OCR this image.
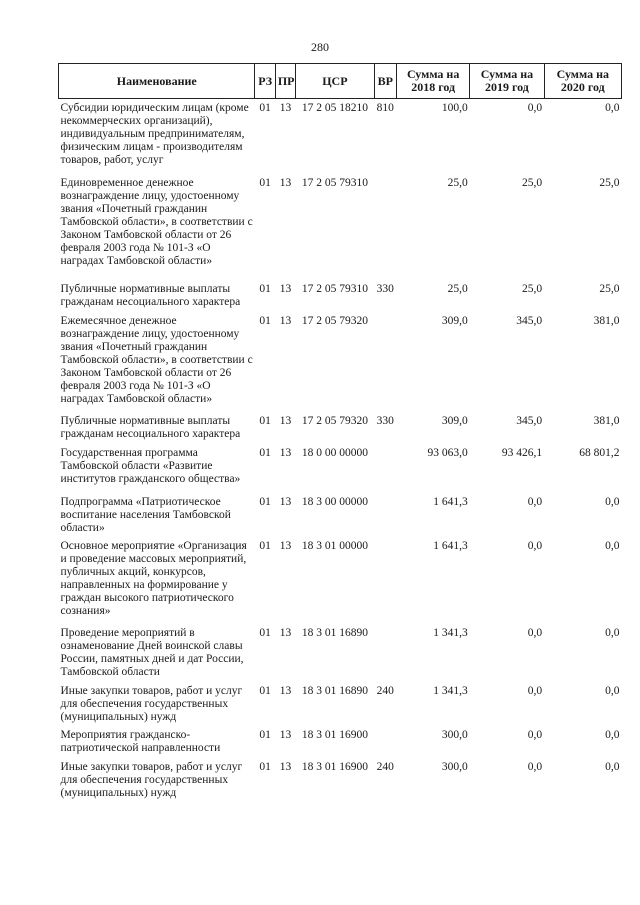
280
Наименование	РЗ	ПР	ЦСР	ВР	Сумма на 2018 год	Сумма на 2019 год	Сумма на 2020 год
Субсидии юридическим лицам (кроме некоммерческих организаций), индивидуальным предпринимателям, физическим лицам - производителям товаров, работ, услуг	01	13	17 2 05 18210	810	100,0	0,0	0,0
Единовременное денежное вознаграждение лицу, удостоенному звания «Почетный гражданин Тамбовской области», в соответствии с Законом Тамбовской области от 26 февраля 2003 года № 101-З «О наградах Тамбовской области»	01	13	17 2 05 79310		25,0	25,0	25,0
Публичные нормативные выплаты гражданам несоциального характера	01	13	17 2 05 79310	330	25,0	25,0	25,0
Ежемесячное денежное вознаграждение лицу, удостоенному звания «Почетный гражданин Тамбовской области», в соответствии с Законом Тамбовской области от 26 февраля 2003 года № 101-З «О наградах Тамбовской области»	01	13	17 2 05 79320		309,0	345,0	381,0
Публичные нормативные выплаты гражданам несоциального характера	01	13	17 2 05 79320	330	309,0	345,0	381,0
Государственная программа Тамбовской области «Развитие институтов гражданского общества»	01	13	18 0 00 00000		93 063,0	93 426,1	68 801,2
Подпрограмма «Патриотическое воспитание населения Тамбовской области»	01	13	18 3 00 00000		1 641,3	0,0	0,0
Основное мероприятие «Организация и проведение массовых мероприятий, публичных акций, конкурсов, направленных на формирование у граждан высокого патриотического сознания»	01	13	18 3 01 00000		1 641,3	0,0	0,0
Проведение мероприятий в ознаменование Дней воинской славы России, памятных дней и дат России, Тамбовской области	01	13	18 3 01 16890		1 341,3	0,0	0,0
Иные закупки товаров, работ и услуг для обеспечения государственных (муниципальных) нужд	01	13	18 3 01 16890	240	1 341,3	0,0	0,0
Мероприятия гражданско-патриотической направленности	01	13	18 3 01 16900		300,0	0,0	0,0
Иные закупки товаров, работ и услуг для обеспечения государственных (муниципальных) нужд	01	13	18 3 01 16900	240	300,0	0,0	0,0
